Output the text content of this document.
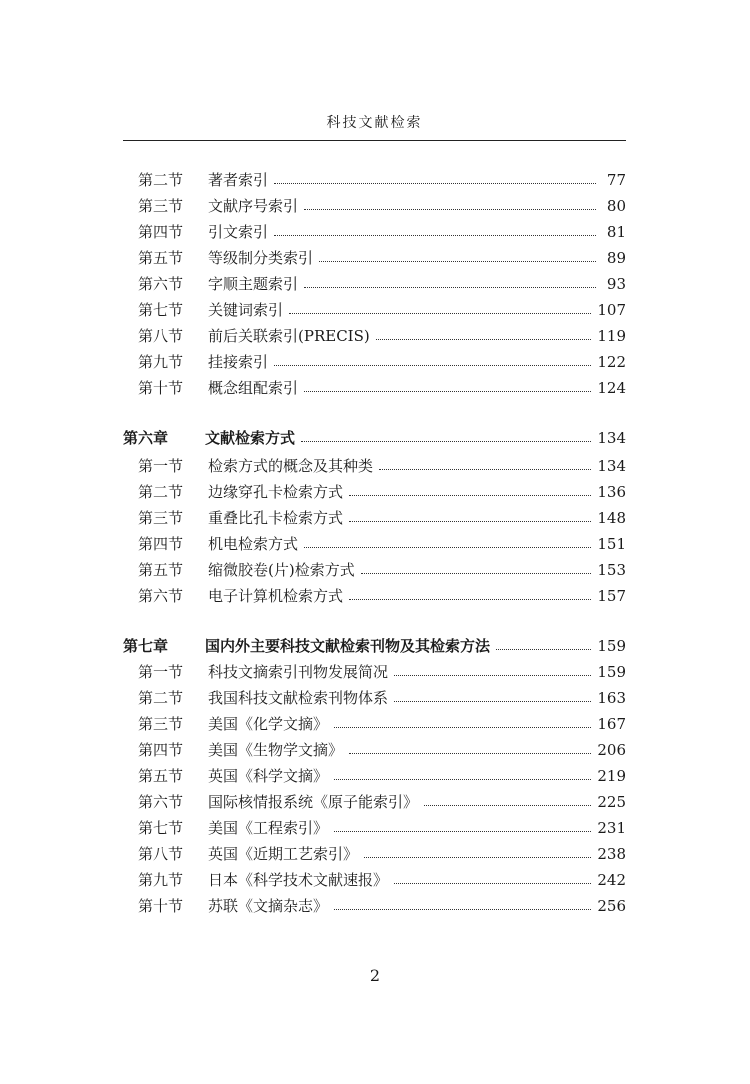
科技文献检索
第二节	著者索引	77
第三节	文献序号索引	80
第四节	引文索引	81
第五节	等级制分类索引	89
第六节	字顺主题索引	93
第七节	关键词索引	107
第八节	前后关联索引(PRECIS)	119
第九节	挂接索引	122
第十节	概念组配索引	124
第六章	文献检索方式	134
第一节	检索方式的概念及其种类	134
第二节	边缘穿孔卡检索方式	136
第三节	重叠比孔卡检索方式	148
第四节	机电检索方式	151
第五节	缩微胶卷(片)检索方式	153
第六节	电子计算机检索方式	157
第七章	国内外主要科技文献检索刊物及其检索方法	159
第一节	科技文摘索引刊物发展简况	159
第二节	我国科技文献检索刊物体系	163
第三节	美国《化学文摘》	167
第四节	美国《生物学文摘》	206
第五节	英国《科学文摘》	219
第六节	国际核情报系统《原子能索引》	225
第七节	美国《工程索引》	231
第八节	英国《近期工艺索引》	238
第九节	日本《科学技术文献速报》	242
第十节	苏联《文摘杂志》	256
2
